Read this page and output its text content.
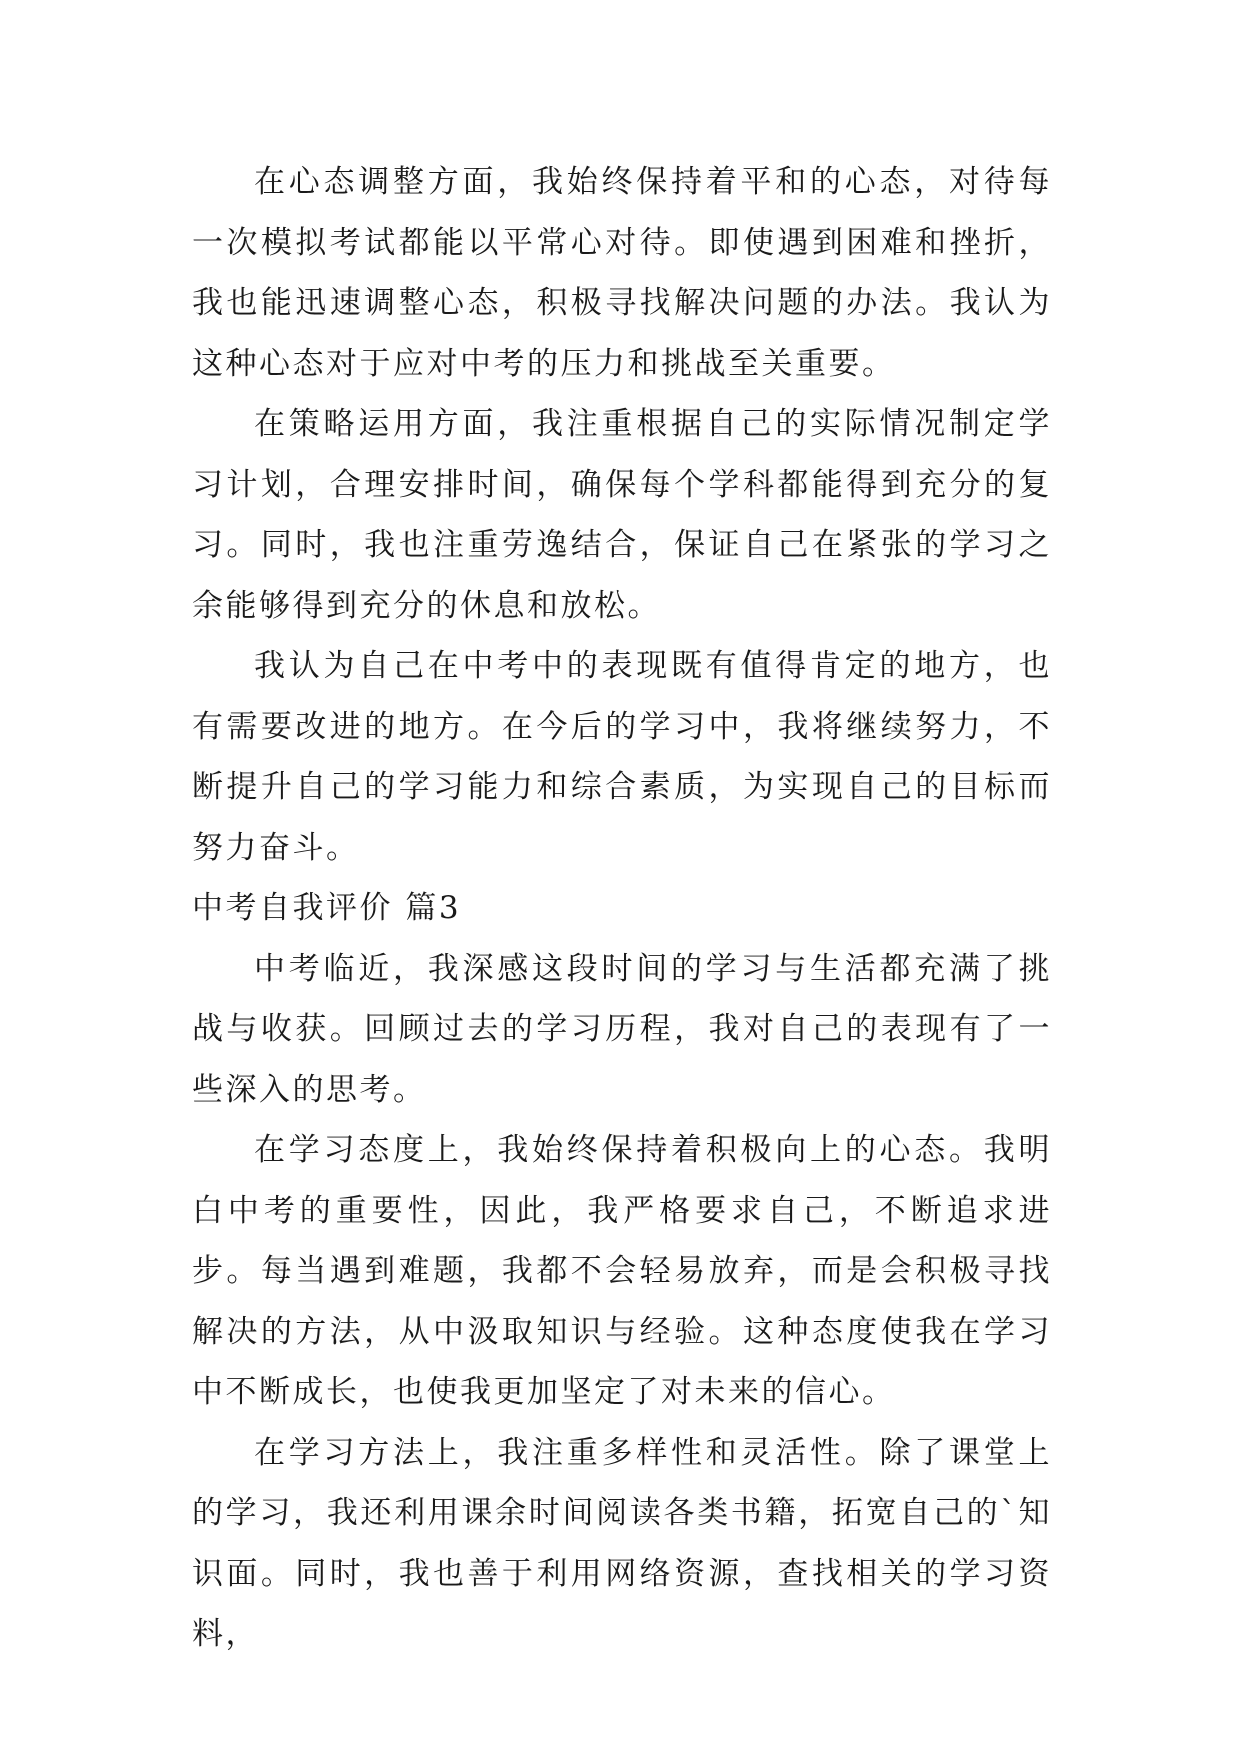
在心态调整方面，我始终保持着平和的心态，对待每一次模拟考试都能以平常心对待。即使遇到困难和挫折，我也能迅速调整心态，积极寻找解决问题的办法。我认为这种心态对于应对中考的压力和挑战至关重要。

在策略运用方面，我注重根据自己的实际情况制定学习计划，合理安排时间，确保每个学科都能得到充分的复习。同时，我也注重劳逸结合，保证自己在紧张的学习之余能够得到充分的休息和放松。

我认为自己在中考中的表现既有值得肯定的地方，也有需要改进的地方。在今后的学习中，我将继续努力，不断提升自己的学习能力和综合素质，为实现自己的目标而努力奋斗。

中考自我评价 篇3

中考临近，我深感这段时间的学习与生活都充满了挑战与收获。回顾过去的学习历程，我对自己的表现有了一些深入的思考。

在学习态度上，我始终保持着积极向上的心态。我明白中考的重要性，因此，我严格要求自己，不断追求进步。每当遇到难题，我都不会轻易放弃，而是会积极寻找解决的方法，从中汲取知识与经验。这种态度使我在学习中不断成长，也使我更加坚定了对未来的信心。

在学习方法上，我注重多样性和灵活性。除了课堂上的学习，我还利用课余时间阅读各类书籍，拓宽自己的`知识面。同时，我也善于利用网络资源，查找相关的学习资料，
